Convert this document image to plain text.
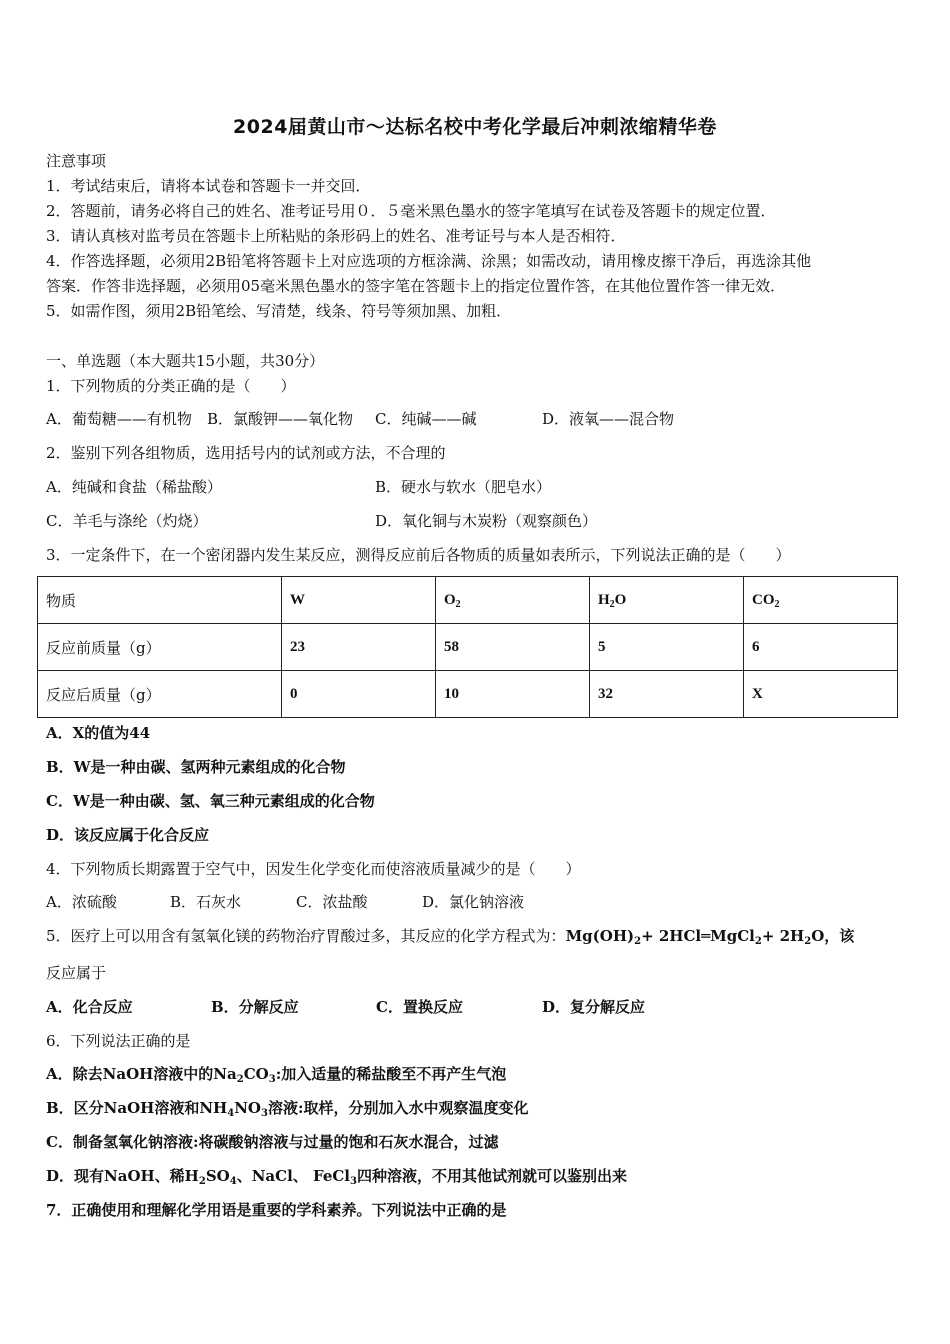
2024届黄山市～达标名校中考化学最后冲刺浓缩精华卷
注意事项
1．考试结束后，请将本试卷和答题卡一并交回．
2．答题前，请务必将自己的姓名、准考证号用０．５毫米黑色墨水的签字笔填写在试卷及答题卡的规定位置．
3．请认真核对监考员在答题卡上所粘贴的条形码上的姓名、准考证号与本人是否相符．
4．作答选择题，必须用2B铅笔将答题卡上对应选项的方框涂满、涂黑；如需改动，请用橡皮擦干净后，再选涂其他
答案．作答非选择题，必须用05毫米黑色墨水的签字笔在答题卡上的指定位置作答，在其他位置作答一律无效．
5．如需作图，须用2B铅笔绘、写清楚，线条、符号等须加黑、加粗．
一、单选题（本大题共15小题，共30分）
1．下列物质的分类正确的是（　　）
A．葡萄糖——有机物 B．氯酸钾——氧化物 C．纯碱——碱	D．液氧——混合物
2．鉴别下列各组物质，选用括号内的试剂或方法，不合理的
A．纯碱和食盐（稀盐酸）	B．硬水与软水（肥皂水）
C．羊毛与涤纶（灼烧）	D．氧化铜与木炭粉（观察颜色）
3．一定条件下，在一个密闭器内发生某反应，测得反应前后各物质的质量如表所示，下列说法正确的是（　　）
物质	W	$O_2$	$H_2O$	$CO_2$
反应前质量（g）	23	58	5	6
反应后质量（g）	0	10	32	X
A．X的值为44
B．W是一种由碳、氢两种元素组成的化合物
C．W是一种由碳、氢、氧三种元素组成的化合物
D．该反应属于化合反应
4．下列物质长期露置于空气中，因发生化学变化而使溶液质量减少的是（　　）
A．浓硫酸	B．石灰水	C．浓盐酸	D．氯化钠溶液
5．医疗上可以用含有氢氧化镁的药物治疗胃酸过多，其反应的化学方程式为：$Mg(OH)_2+$ 2HCl═MgCl$_2$+ $2H_2O$，该
反应属于
A．化合反应	B．分解反应	C．置换反应	D．复分解反应
6．下列说法正确的是
A．除去NaOH溶液中的$Na_2CO_3$:加入适量的稀盐酸至不再产生气泡
B．区分NaOH溶液和$NH_4NO_3$溶液:取样，分别加入水中观察温度变化
C．制备氢氧化钠溶液:将碳酸钠溶液与过量的饱和石灰水混合，过滤
D．现有NaOH、稀$H_2SO_4$、NaCl、 FeCl$_3$四种溶液，不用其他试剂就可以鉴别出来
7．正确使用和理解化学用语是重要的学科素养。下列说法中正确的是
